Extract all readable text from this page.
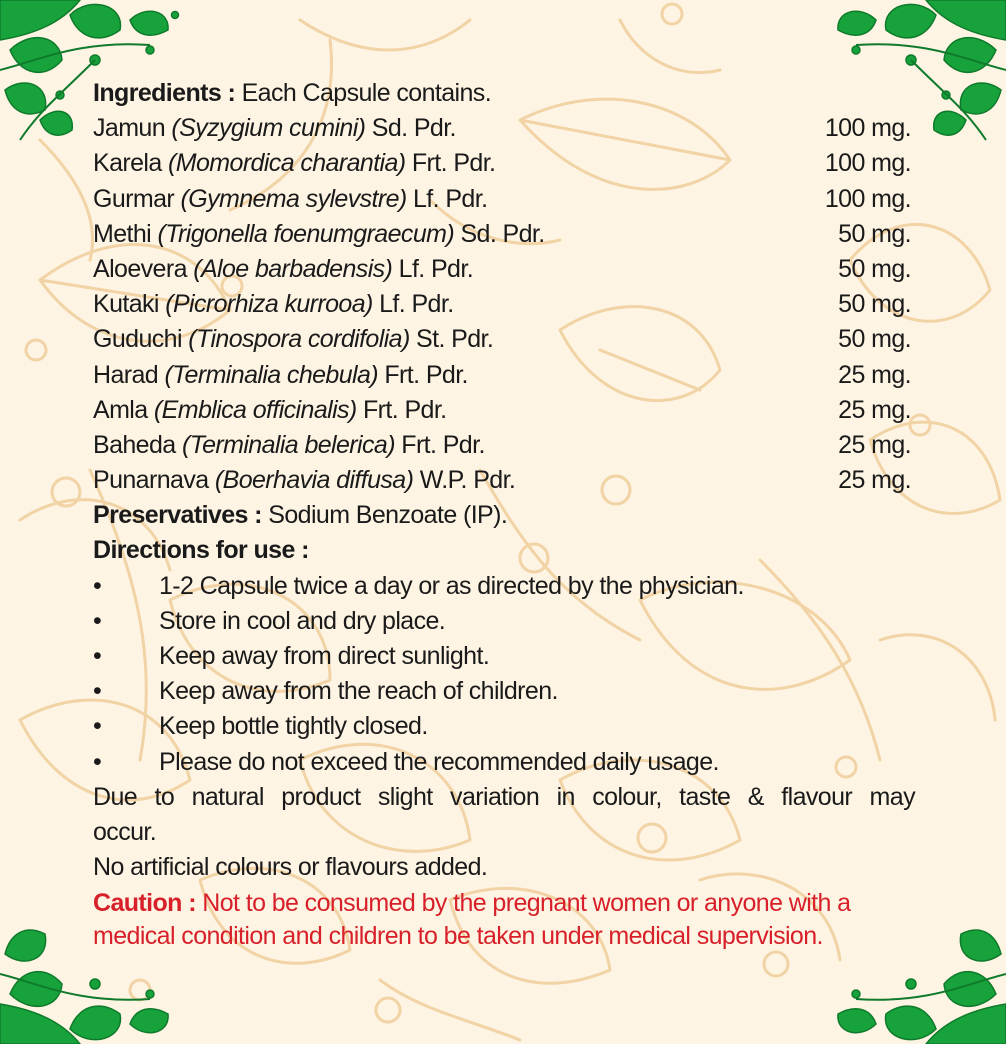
Ingredients : Each Capsule contains.
Jamun (Syzygium cumini) Sd. Pdr.	100 mg.
Karela (Momordica charantia) Frt. Pdr.	100 mg.
Gurmar (Gymnema sylevstre) Lf. Pdr.	100 mg.
Methi (Trigonella foenumgraecum) Sd. Pdr.	50 mg.
Aloevera (Aloe barbadensis) Lf. Pdr.	50 mg.
Kutaki (Picrorhiza kurrooa) Lf. Pdr.	50 mg.
Guduchi (Tinospora cordifolia) St. Pdr.	50 mg.
Harad (Terminalia chebula) Frt. Pdr.	25 mg.
Amla (Emblica officinalis) Frt. Pdr.	25 mg.
Baheda (Terminalia belerica) Frt. Pdr.	25 mg.
Punarnava (Boerhavia diffusa) W.P. Pdr.	25 mg.
Preservatives : Sodium Benzoate (IP).
Directions for use :
•	1-2 Capsule twice a day or as directed by the physician.
•	Store in cool and dry place.
•	Keep away from direct sunlight.
•	Keep away from the reach of children.
•	Keep bottle tightly closed.
•	Please do not exceed the recommended daily usage.
Due to natural product slight variation in colour, taste & flavour may
occur.
No artificial colours or flavours added.
Caution : Not to be consumed by the pregnant women or anyone with a
medical condition and children to be taken under medical supervision.
